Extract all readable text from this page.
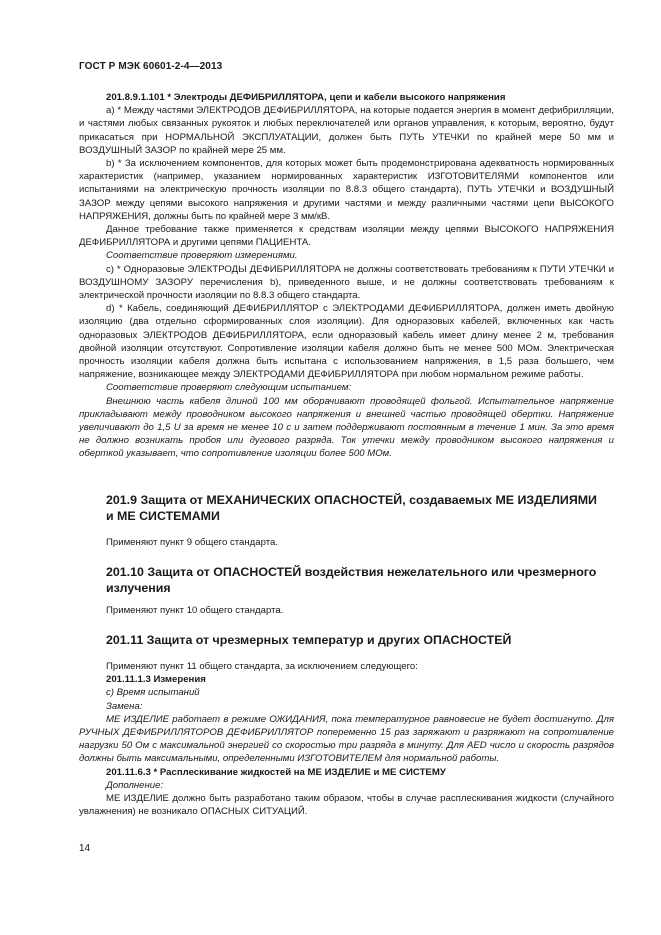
ГОСТ Р МЭК 60601-2-4—2013

201.8.9.1.101 * Электроды ДЕФИБРИЛЛЯТОРА, цепи и кабели высокого напряжения

а) * Между частями ЭЛЕКТРОДОВ ДЕФИБРИЛЛЯТОРА, на которые подается энергия в момент дефибрилляции, и частями любых связанных рукояток и любых переключателей или органов управления, к которым, вероятно, будут прикасаться при НОРМАЛЬНОЙ ЭКСПЛУАТАЦИИ, должен быть ПУТЬ УТЕЧКИ по крайней мере 50 мм и ВОЗДУШНЫЙ ЗАЗОР по крайней мере 25 мм.

b) * За исключением компонентов, для которых может быть продемонстрирована адекватность нормированных характеристик (например, указанием нормированных характеристик ИЗГОТОВИТЕЛЯМИ компонентов или испытаниями на электрическую прочность изоляции по 8.8.3 общего стандарта), ПУТЬ УТЕЧКИ и ВОЗДУШНЫЙ ЗАЗОР между цепями высокого напряжения и другими частями и между различными частями цепи ВЫСОКОГО НАПРЯЖЕНИЯ, должны быть по крайней мере 3 мм/кВ.

Данное требование также применяется к средствам изоляции между цепями ВЫСОКОГО НАПРЯЖЕНИЯ ДЕФИБРИЛЛЯТОРА и другими цепями ПАЦИЕНТА.

Соответствие проверяют измерениями.

с) * Одноразовые ЭЛЕКТРОДЫ ДЕФИБРИЛЛЯТОРА не должны соответствовать требованиям к ПУТИ УТЕЧКИ и ВОЗДУШНОМУ ЗАЗОРУ перечисления b), приведенного выше, и не должны соответствовать требованиям к электрической прочности изоляции по 8.8.3 общего стандарта.

d) * Кабель, соединяющий ДЕФИБРИЛЛЯТОР с ЭЛЕКТРОДАМИ ДЕФИБРИЛЛЯТОРА, должен иметь двойную изоляцию (два отдельно сформированных слоя изоляции). Для одноразовых кабелей, включенных как часть одноразовых ЭЛЕКТРОДОВ ДЕФИБРИЛЛЯТОРА, если одноразовый кабель имеет длину менее 2 м, требования двойной изоляции отсутствуют. Сопротивление изоляции кабеля должно быть не менее 500 МОм. Электрическая прочность изоляции кабеля должна быть испытана с использованием напряжения, в 1,5 раза большего, чем напряжение, возникающее между ЭЛЕКТРОДАМИ ДЕФИБРИЛЛЯТОРА при любом нормальном режиме работы.

Соответствие проверяют следующим испытанием:

Внешнюю часть кабеля длиной 100 мм оборачивают проводящей фольгой. Испытательное напряжение прикладывают между проводником высокого напряжения и внешней частью проводящей обертки. Напряжение увеличивают до 1,5 U за время не менее 10 с и затем поддерживают постоянным в течение 1 мин. За это время не должно возникать пробоя или дугового разряда. Ток утечки между проводником высокого напряжения и оберткой указывает, что сопротивление изоляции более 500 МОм.

201.9 Защита от МЕХАНИЧЕСКИХ ОПАСНОСТЕЙ, создаваемых МЕ ИЗДЕЛИЯМИ и МЕ СИСТЕМАМИ
Применяют пункт 9 общего стандарта.
201.10 Защита от ОПАСНОСТЕЙ воздействия нежелательного или чрезмерного излучения
Применяют пункт 10 общего стандарта.
201.11 Защита от чрезмерных температур и других ОПАСНОСТЕЙ

Применяют пункт 11 общего стандарта, за исключением следующего:

201.11.1.3 Измерения

с) Время испытаний

Замена:

МЕ ИЗДЕЛИЕ работает в режиме ОЖИДАНИЯ, пока температурное равновесие не будет достигнуто. Для РУЧНЫХ ДЕФИБРИЛЛЯТОРОВ ДЕФИБРИЛЛЯТОР попеременно 15 раз заряжают и разряжают на сопротивление нагрузки 50 Ом с максимальной энергией со скоростью три разряда в минуту. Для AED число и скорость разрядов должны быть максимальными, определенными ИЗГОТОВИТЕЛЕМ для нормальной работы.

201.11.6.3 * Расплескивание жидкостей на МЕ ИЗДЕЛИЕ и МЕ СИСТЕМУ

Дополнение:

МЕ ИЗДЕЛИЕ должно быть разработано таким образом, чтобы в случае расплескивания жидкости (случайного увлажнения) не возникало ОПАСНЫХ СИТУАЦИЙ.

14
